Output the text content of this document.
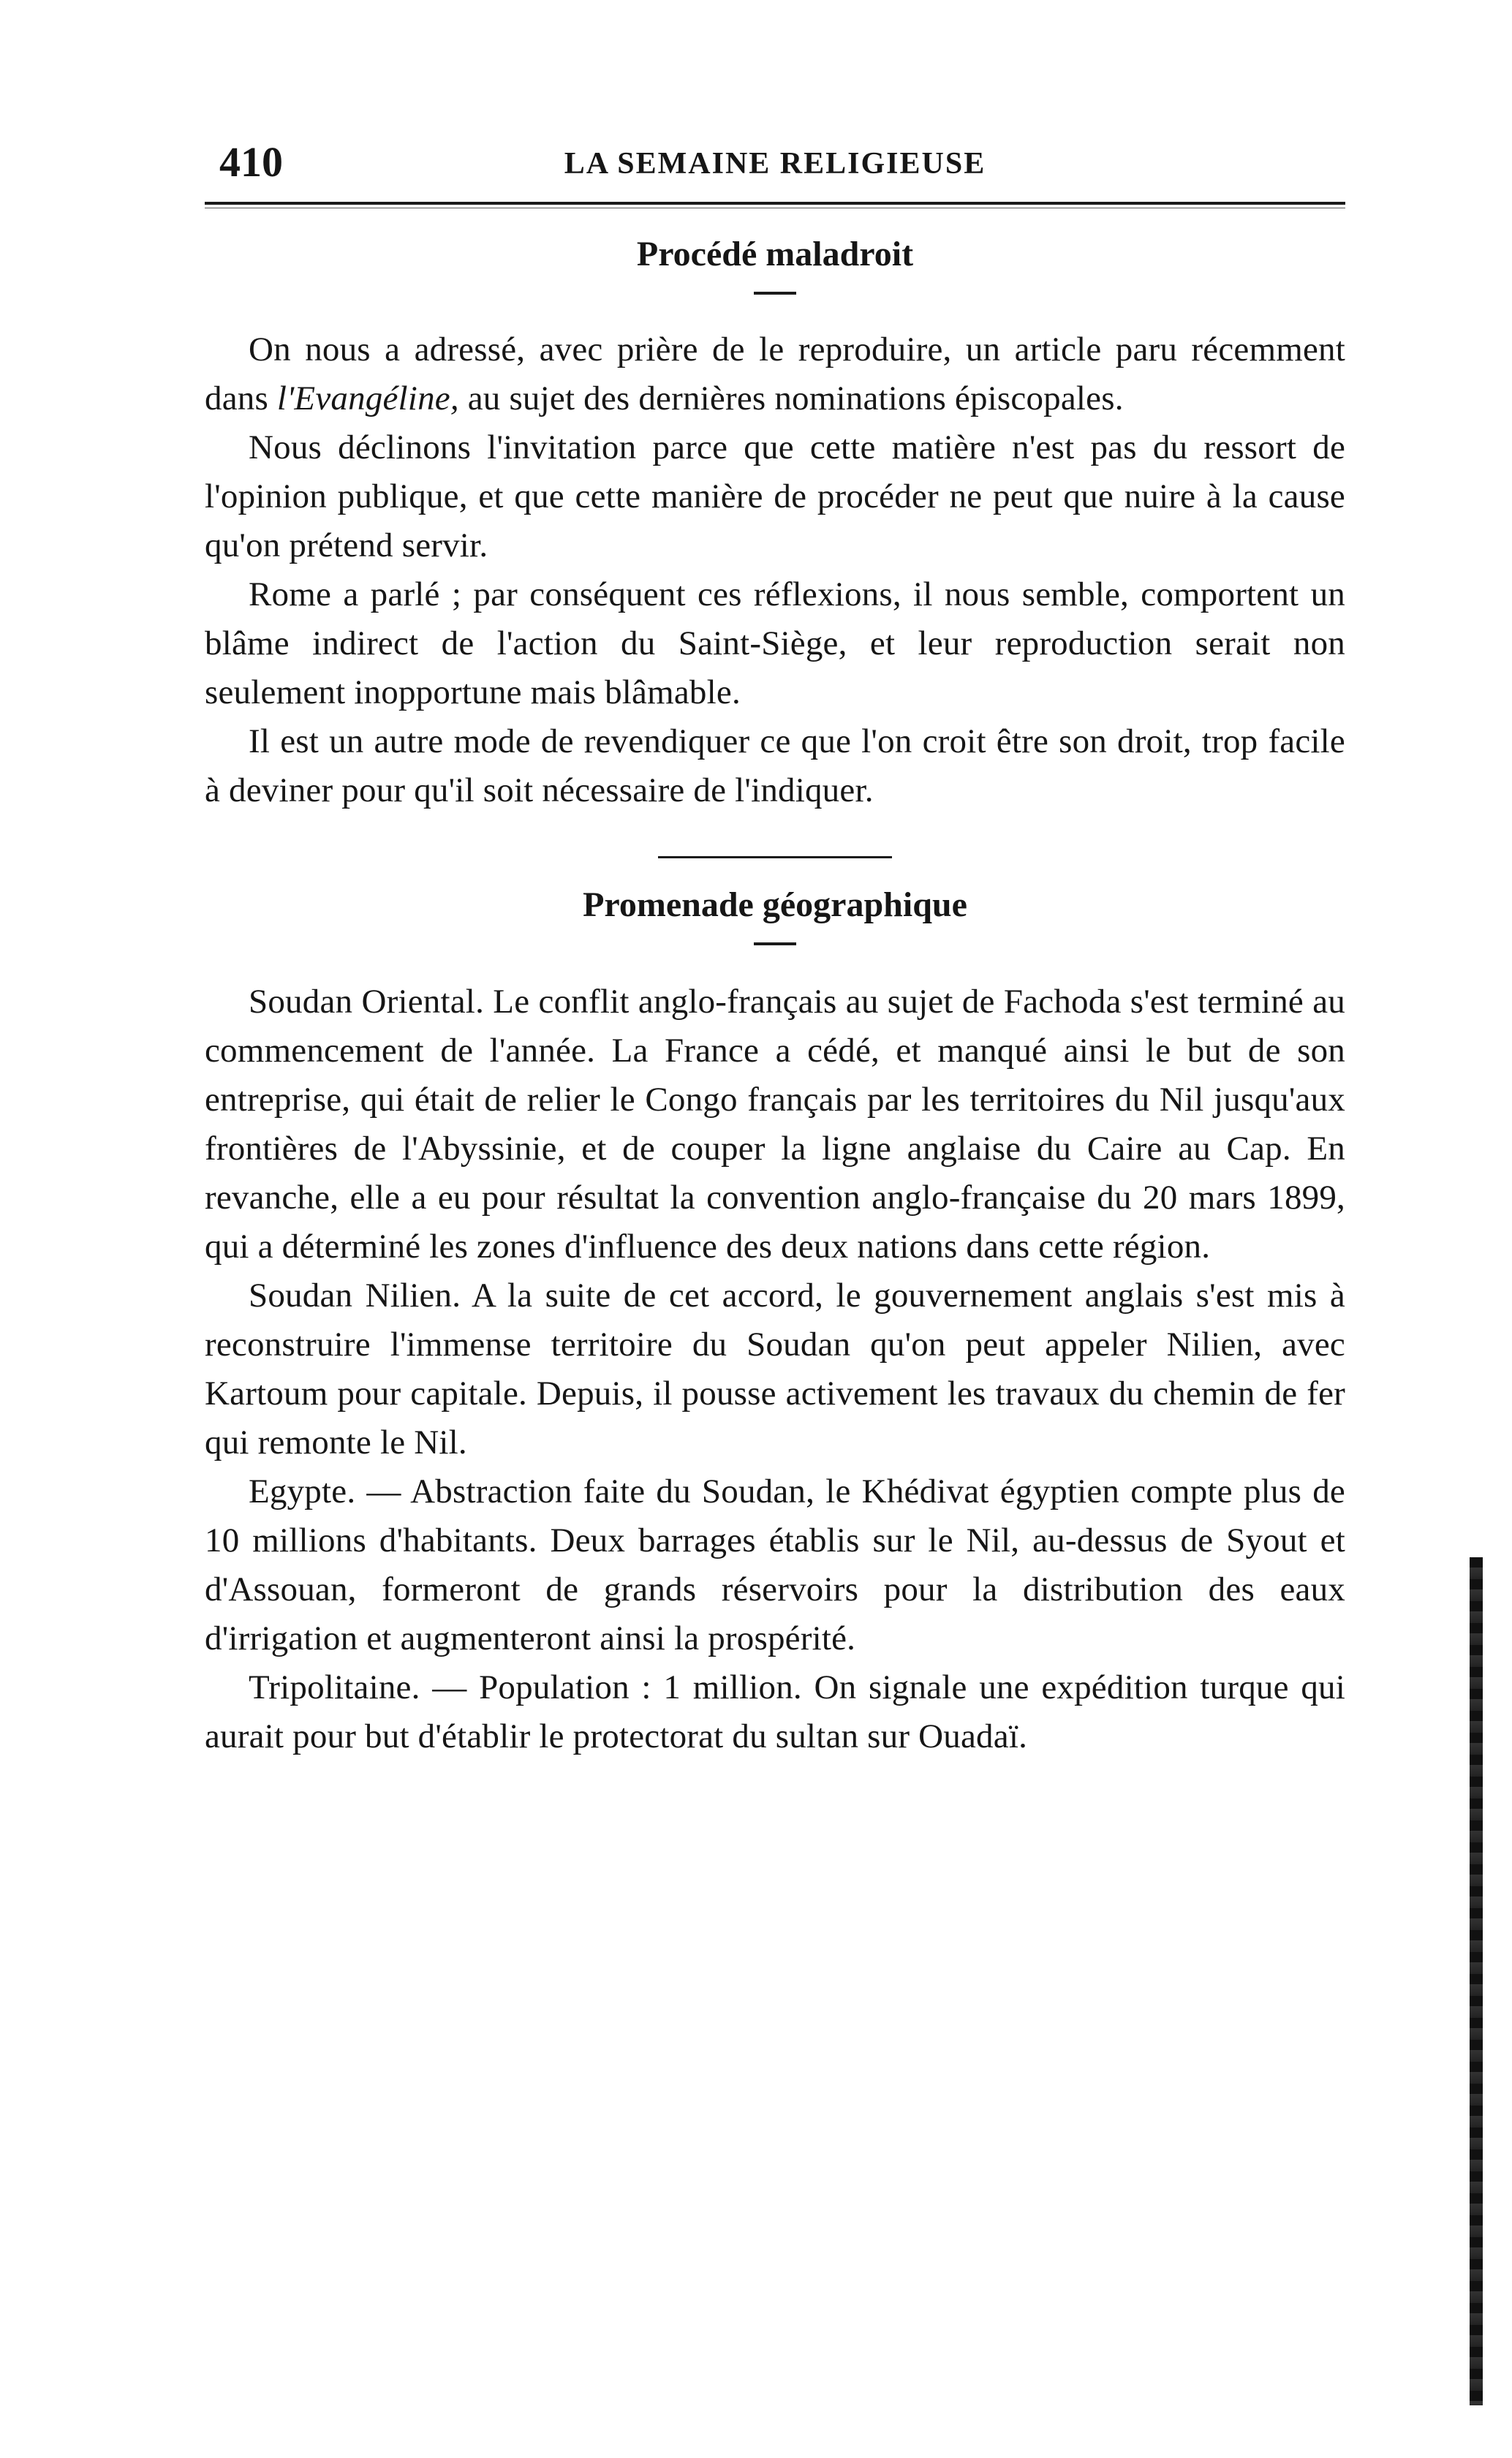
410	LA SEMAINE RELIGIEUSE
Procédé maladroit

On nous a adressé, avec prière de le reproduire, un article paru récemment dans l'Evangéline, au sujet des dernières nominations épiscopales.

Nous déclinons l'invitation parce que cette matière n'est pas du ressort de l'opinion publique, et que cette manière de procéder ne peut que nuire à la cause qu'on prétend servir.

Rome a parlé ; par conséquent ces réflexions, il nous semble, comportent un blâme indirect de l'action du Saint-Siège, et leur reproduction serait non seulement inopportune mais blâmable.

Il est un autre mode de revendiquer ce que l'on croit être son droit, trop facile à deviner pour qu'il soit nécessaire de l'indiquer.

Promenade géographique

Soudan Oriental. Le conflit anglo-français au sujet de Fachoda s'est terminé au commencement de l'année. La France a cédé, et manqué ainsi le but de son entreprise, qui était de relier le Congo français par les territoires du Nil jusqu'aux frontières de l'Abyssinie, et de couper la ligne anglaise du Caire au Cap. En revanche, elle a eu pour résultat la convention anglo-française du 20 mars 1899, qui a déterminé les zones d'influence des deux nations dans cette région.

Soudan Nilien. A la suite de cet accord, le gouvernement anglais s'est mis à reconstruire l'immense territoire du Soudan qu'on peut appeler Nilien, avec Kartoum pour capitale. Depuis, il pousse activement les travaux du chemin de fer qui remonte le Nil.

Egypte. — Abstraction faite du Soudan, le Khédivat égyptien compte plus de 10 millions d'habitants. Deux barrages établis sur le Nil, au-dessus de Syout et d'Assouan, formeront de grands réservoirs pour la distribution des eaux d'irrigation et augmenteront ainsi la prospérité.

Tripolitaine. — Population : 1 million. On signale une expédition turque qui aurait pour but d'établir le protectorat du sultan sur Ouadaï.
